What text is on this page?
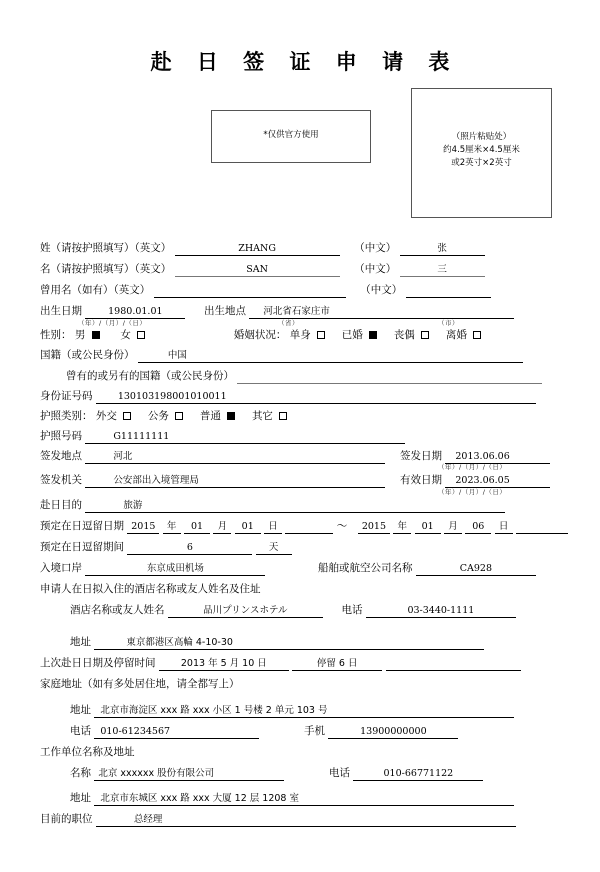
赴 日 签 证 申 请 表
*仅供官方使用	（照片粘贴处）
约4.5厘米×4.5厘米
或2英寸×2英寸
姓（请按护照填写）（英文）	ZHANG	（中文）	张
名（请按护照填写）（英文）	SAN	（中文）	三
曾用名（如有）（英文）	（中文）
出生日期	1980.01.01	出生地点 河北省石家庄市
（年）/（月）/（日）	（省）	（市）
性别： 男	女	婚姻状况： 单身	已婚	丧偶	离婚
国籍（或公民身份）	中国
曾有的或另有的国籍（或公民身份）
身份证号码	130103198001010011
护照类别： 外交	公务	普通	其它
护照号码	G11111111
签发地点	河北	签发日期 2013.06.06
（年）/（月）/（日）
签发机关	公安部出入境管理局	有效日期 2023.06.05
（年）/（月）/（日）
赴日目的	旅游
预定在日逗留日期 2015 年 01 月 01 日	～ 2015 年 01 月 06 日
预定在日逗留期间	6	天
入境口岸	东京成田机场	船舶或航空公司名称	CA928
申请人在日拟入住的酒店名称或友人姓名及住址
酒店名称或友人姓名	品川プリンスホテル	电话	03-3440-1111
地址	東京都港区高輪 4-10-30
上次赴日日期及停留时间	2013 年 5 月 10 日	停留 6 日
家庭地址（如有多处居住地，请全都写上）
地址 北京市海淀区 xxx 路 xxx 小区 1 号楼 2 单元 103 号
电话 010-61234567	手机	13900000000
工作单位名称及地址
名称 北京 xxxxxx 股份有限公司	电话	010-66771122
地址 北京市东城区 xxx 路 xxx 大厦 12 层 1208 室
目前的职位	总经理
